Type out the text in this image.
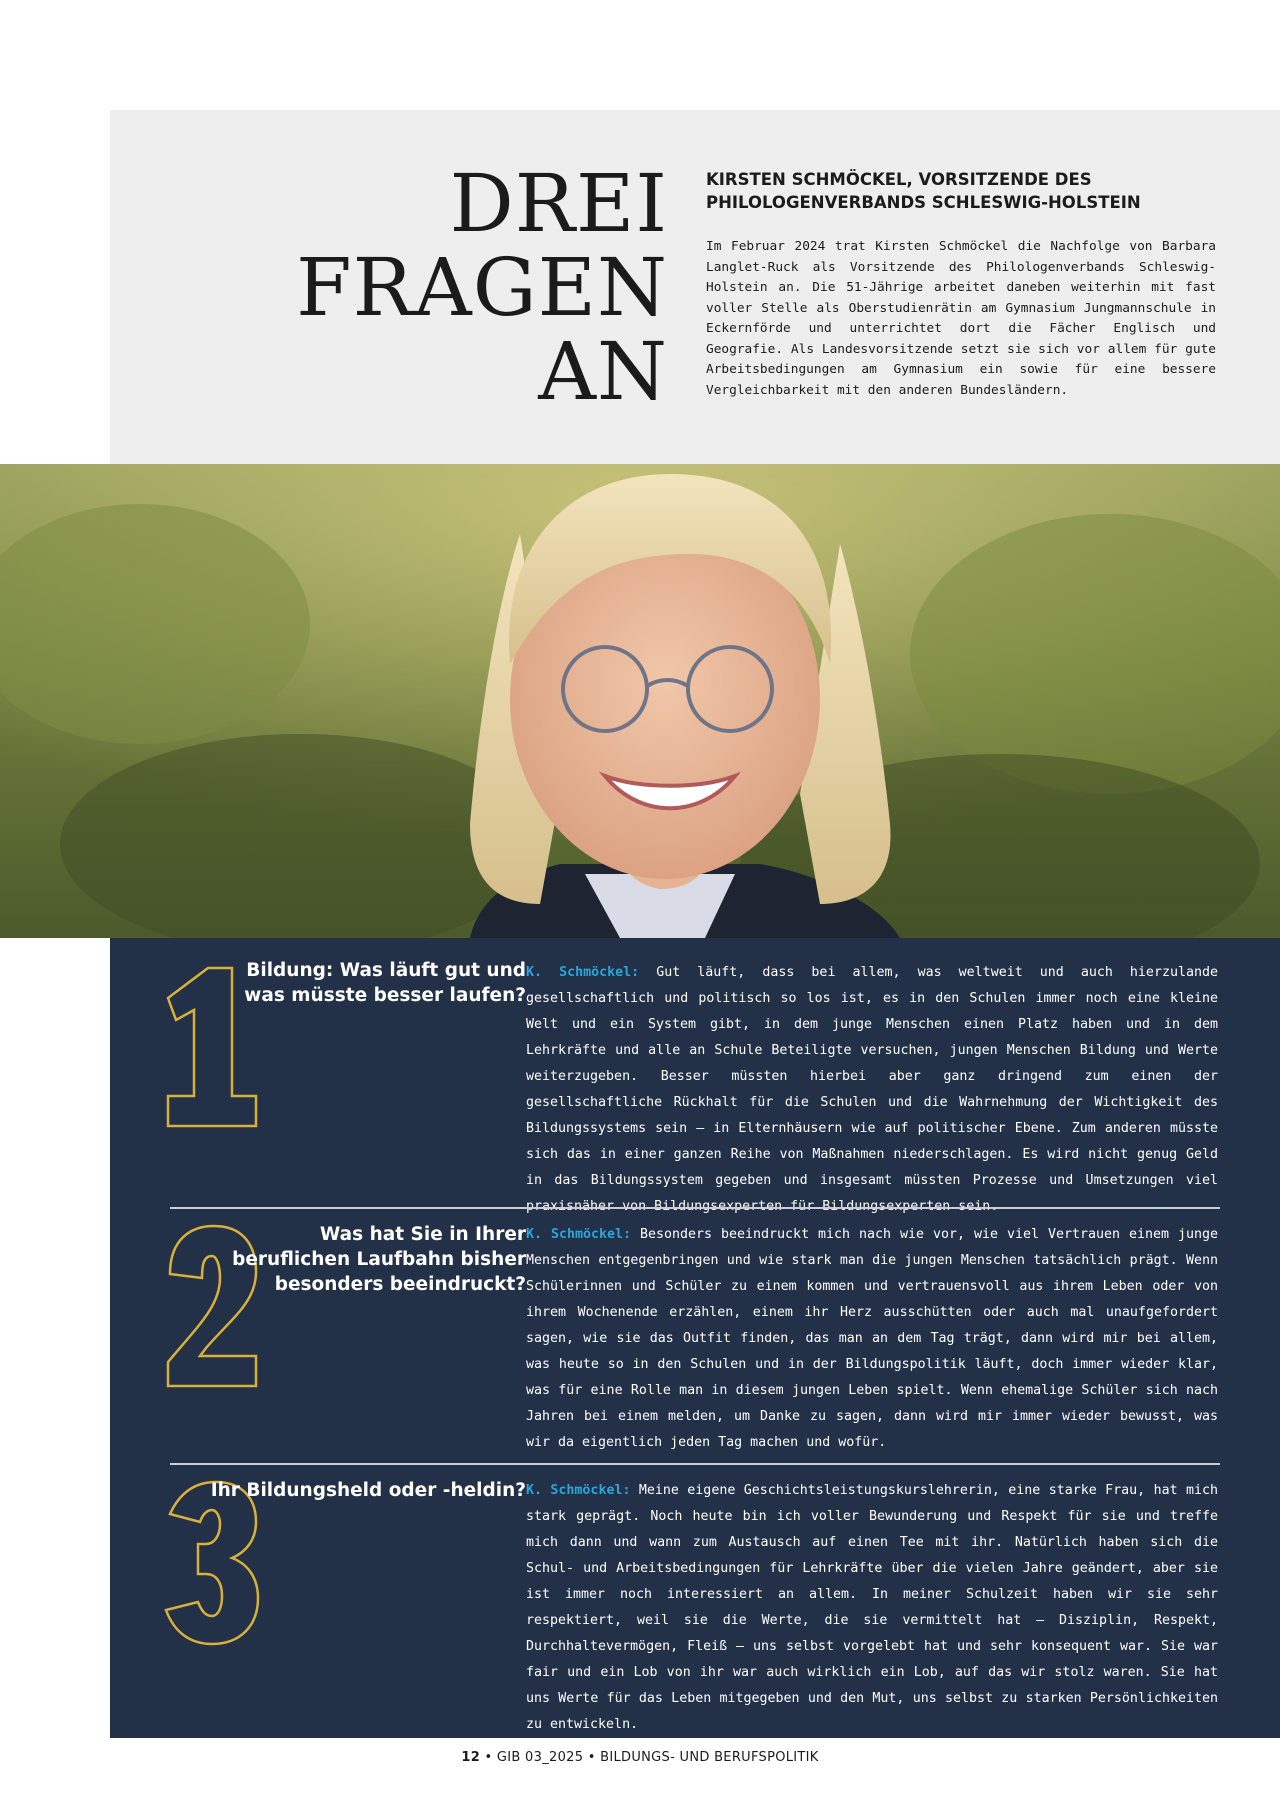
DREI
FRAGEN
AN
KIRSTEN SCHMÖCKEL, VORSITZENDE DES PHILOLOGENVERBANDS SCHLESWIG-HOLSTEIN

Im Februar 2024 trat Kirsten Schmöckel die Nachfolge von Barbara Langlet-Ruck als Vorsitzende des Philologenverbands Schleswig-Holstein an. Die 51-Jährige arbeitet daneben weiterhin mit fast voller Stelle als Oberstudienrätin am Gymnasium Jungmannschule in Eckernförde und unterrichtet dort die Fächer Englisch und Geografie. Als Landesvorsitzende setzt sie sich vor allem für gute Arbeitsbedingungen am Gymnasium ein sowie für eine bessere Vergleichbarkeit mit den anderen Bundesländern.

Bildung: Was läuft gut und was müsste besser laufen?

K. Schmöckel: Gut läuft, dass bei allem, was weltweit und auch hierzulande gesellschaftlich und politisch so los ist, es in den Schulen immer noch eine kleine Welt und ein System gibt, in dem junge Menschen einen Platz haben und in dem Lehrkräfte und alle an Schule Beteiligte versuchen, jungen Menschen Bildung und Werte weiterzugeben. Besser müssten hierbei aber ganz dringend zum einen der gesellschaftliche Rückhalt für die Schulen und die Wahrnehmung der Wichtigkeit des Bildungssystems sein – in Elternhäusern wie auf politischer Ebene. Zum anderen müsste sich das in einer ganzen Reihe von Maßnahmen niederschlagen. Es wird nicht genug Geld in das Bildungssystem gegeben und insgesamt müssten Prozesse und Umsetzungen viel

Was hat Sie in Ihrer beruflichen Laufbahn bisher besonders beeindruckt?

K. Schmöckel: Besonders beeindruckt mich nach wie vor, wie viel Vertrauen einem junge Menschen entgegenbringen und wie stark man die jungen Menschen tatsächlich prägt. Wenn Schülerinnen und Schüler zu einem kommen und vertrauensvoll aus ihrem Leben oder von ihrem Wochenende erzählen, einem ihr Herz ausschütten oder auch mal unaufgefordert sagen, wie sie das Outfit finden, das man an dem Tag trägt, dann wird mir bei allem, was heute so in den Schulen und in der Bildungspolitik läuft, doch immer wieder klar, was für eine Rolle man in diesem jungen Leben spielt. Wenn ehemalige Schüler sich nach Jahren bei einem melden, um Danke zu sagen, dann wird mir immer wieder bewusst, was wir da eigentlich jeden Tag machen und wofür.

Ihr Bildungsheld oder -heldin? K. Schmöckel: Meine eigene Geschichtsleistungskurslehrerin, eine starke Frau, hat mich stark geprägt. Noch heute bin ich voller Bewunderung und Respekt für sie und treffe mich dann und wann zum Austausch auf einen Tee mit ihr. Natürlich haben sich die Schul- und Arbeitsbedingungen für Lehrkräfte über die vielen Jahre geändert, aber sie ist immer noch interessiert an allem. In meiner Schulzeit haben wir sie sehr respektiert, weil sie die Werte, die sie vermittelt hat – Disziplin, Respekt, Durchhaltevermögen, Fleiß – uns selbst vorgelebt hat und sehr konsequent war. Sie war fair und ein Lob von ihr war auch wirklich ein Lob, auf das wir stolz waren. Sie hat uns Werte für das Leben mitgegeben und den Mut, uns selbst zu starken Persönlichkeiten zu entwickeln.

12 • GIB 03_2025 • BILDUNGS- UND BERUFSPOLITIK
